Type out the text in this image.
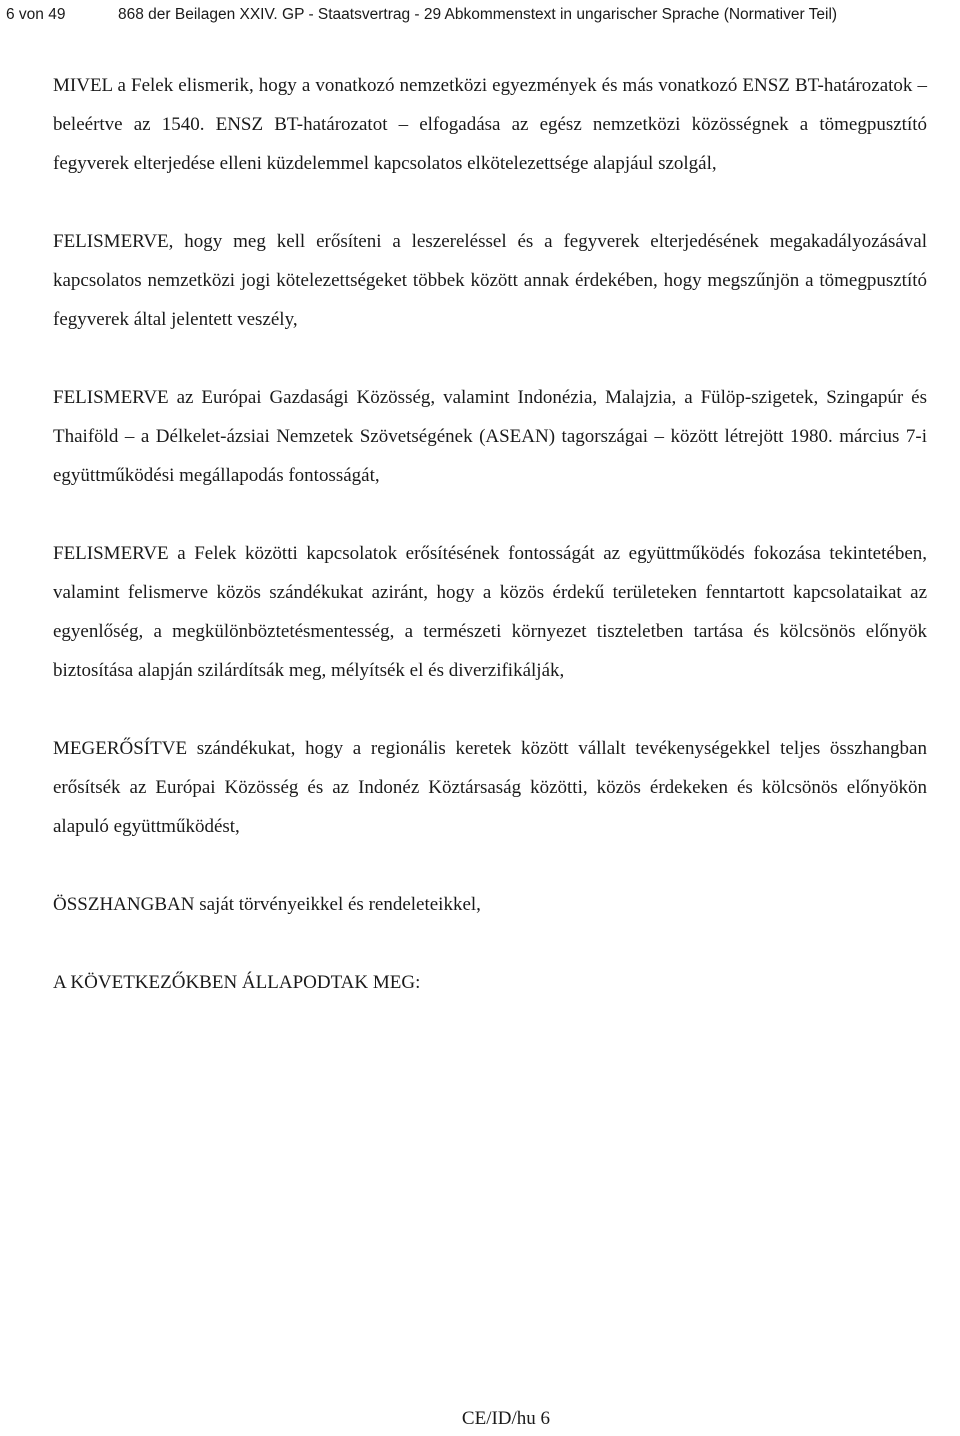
6 von 49	868 der Beilagen XXIV. GP - Staatsvertrag - 29 Abkommenstext in ungarischer Sprache (Normativer Teil)

MIVEL a Felek elismerik, hogy a vonatkozó nemzetközi egyezmények és más vonatkozó ENSZ BT-határozatok – beleértve az 1540. ENSZ BT-határozatot – elfogadása az egész nemzetközi közösségnek a tömegpusztító fegyverek elterjedése elleni küzdelemmel kapcsolatos elkötelezettsége alapjául szolgál,

FELISMERVE, hogy meg kell erősíteni a leszereléssel és a fegyverek elterjedésének megakadályozásával kapcsolatos nemzetközi jogi kötelezettségeket többek között annak érdekében, hogy megszűnjön a tömegpusztító fegyverek által jelentett veszély,

FELISMERVE az Európai Gazdasági Közösség, valamint Indonézia, Malajzia, a Fülöp-szigetek, Szingapúr és Thaiföld – a Délkelet-ázsiai Nemzetek Szövetségének (ASEAN) tagországai – között létrejött 1980. március 7-i együttműködési megállapodás fontosságát,

FELISMERVE a Felek közötti kapcsolatok erősítésének fontosságát az együttműködés fokozása tekintetében, valamint felismerve közös szándékukat aziránt, hogy a közös érdekű területeken fenntartott kapcsolataikat az egyenlőség, a megkülönböztetésmentesség, a természeti környezet tiszteletben tartása és kölcsönös előnyök biztosítása alapján szilárdítsák meg, mélyítsék el és diverzifikálják,

MEGERŐSÍTVE szándékukat, hogy a regionális keretek között vállalt tevékenységekkel teljes összhangban erősítsék az Európai Közösség és az Indonéz Köztársaság közötti, közös érdekeken és kölcsönös előnyökön alapuló együttműködést,

ÖSSZHANGBAN saját törvényeikkel és rendeleteikkel,

A KÖVETKEZŐKBEN ÁLLAPODTAK MEG:

CE/ID/hu 6
